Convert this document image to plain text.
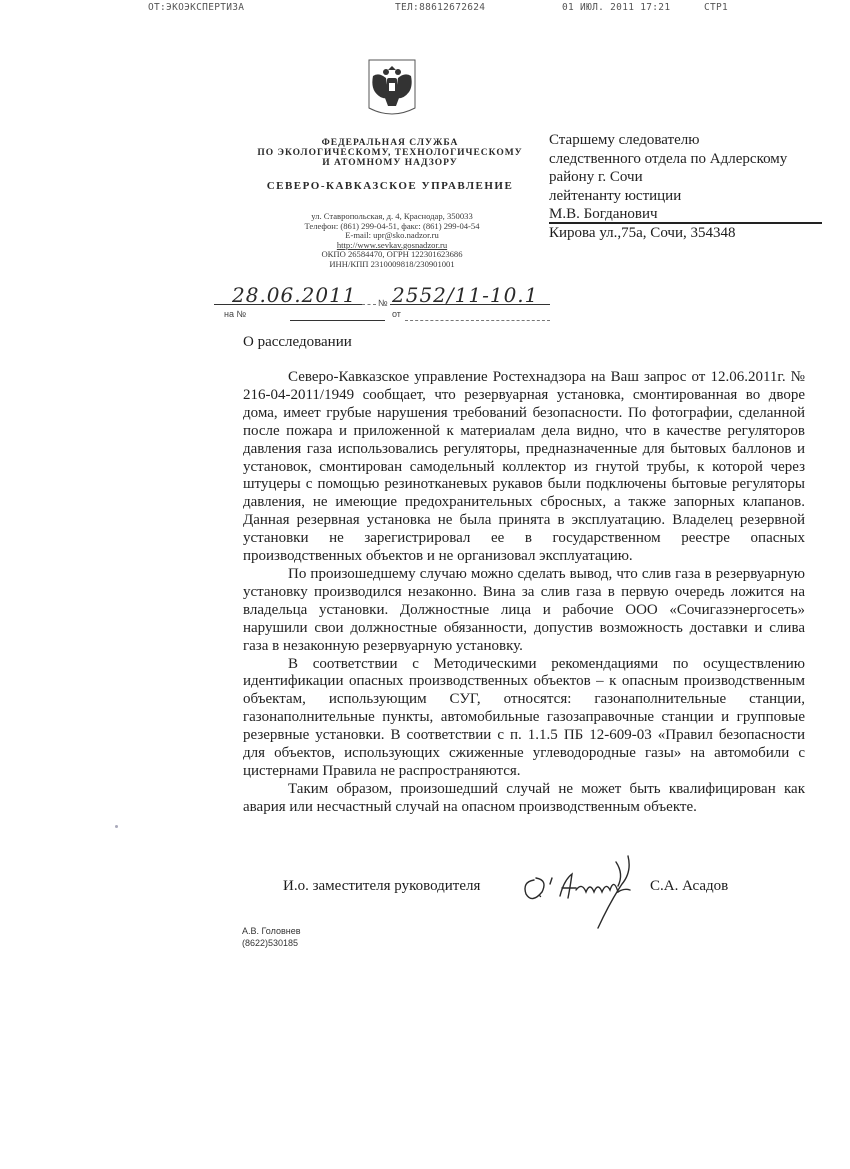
ОТ:ЭКОЭКСПЕРТИЗА	ТЕЛ:88612672624	01 ИЮЛ. 2011 17:21	СТР1
ФЕДЕРАЛЬНАЯ СЛУЖБА
ПО ЭКОЛОГИЧЕСКОМУ, ТЕХНОЛОГИЧЕСКОМУ
И АТОМНОМУ НАДЗОРУ
СЕВЕРО-КАВКАЗСКОЕ УПРАВЛЕНИЕ
ул. Ставропольская, д. 4, Краснодар, 350033
Телефон: (861) 299-04-51, факс: (861) 299-04-54
E-mail: upr@sko.nadzor.ru
http://www.sevkav.gosnadzor.ru
ОКПО 26584470, ОГРН 1223016236​86
ИНН/КПП 2310009818/230901001
28.06.2011 № 2552/11-10.1
на №	от
Старшему следователю
следственного отдела по Адлерскому
району г. Сочи
лейтенанту юстиции
М.В. Богданович
Кирова ул.,75а, Сочи, 354348
О расследовании

Северо-Кавказское управление Ростехнадзора на Ваш запрос от 12.06.2011г. № 216-04-2011/1949 сообщает, что резервуарная установка, смонтированная во дворе дома, имеет грубые нарушения требований безопасности. По фотографии, сделанной после пожара и приложенной к материалам дела видно, что в качестве регуляторов давления газа использовались регуляторы, предназначенные для бытовых баллонов и установок, смонтирован самодельный коллектор из гнутой трубы, к которой через штуцеры с помощью резинотканевых рукавов были подключены бытовые регуляторы давления, не имеющие предохранительных сбросных, а также запорных клапанов. Данная резервная установка не была принята в эксплуатацию. Владелец резервной установки не зарегистрировал ее в государственном реестре опасных производственных объектов и не организовал эксплуатацию.

По произошедшему случаю можно сделать вывод, что слив газа в резервуарную установку производился незаконно. Вина за слив газа в первую очередь ложится на владельца установки. Должностные лица и рабочие ООО «Сочигазэнергосеть» нарушили свои должностные обязанности, допустив возможность доставки и слива газа в незаконную резервуарную установку.

В соответствии с Методическими рекомендациями по осуществлению идентификации опасных производственных объектов – к опасным производственным объектам, использующим СУГ, относятся: газонаполнительные станции, газонаполнительные пункты, автомобильные газозаправочные станции и групповые резервные установки. В соответствии с п. 1.1.5 ПБ 12-609-03 «Правил безопасности для объектов, использующих сжиженные углеводородные газы» на автомобили с цистернами Правила не распространяются.

Таким образом, произошедший случай не может быть квалифицирован как авария или несчастный случай на опасном производственным объекте.

И.о. заместителя руководителя	С.А. Асадов
А.В. Головнев
(8622)530185
